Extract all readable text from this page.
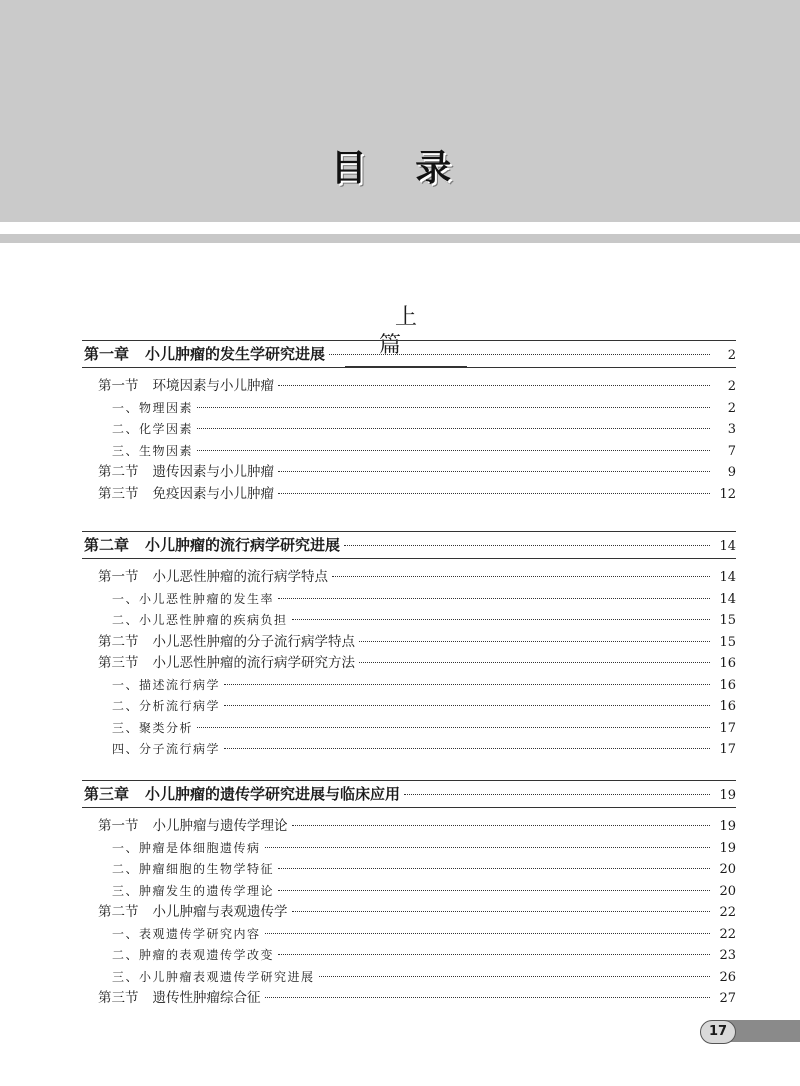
目 录
上 篇
第一章 小儿肿瘤的发生学研究进展	2
第一节 环境因素与小儿肿瘤	2
一、物理因素	2
二、化学因素	3
三、生物因素	7
第二节 遗传因素与小儿肿瘤	9
第三节 免疫因素与小儿肿瘤	12
第二章 小儿肿瘤的流行病学研究进展	14
第一节 小儿恶性肿瘤的流行病学特点	14
一、小儿恶性肿瘤的发生率	14
二、小儿恶性肿瘤的疾病负担	15
第二节 小儿恶性肿瘤的分子流行病学特点	15
第三节 小儿恶性肿瘤的流行病学研究方法	16
一、描述流行病学	16
二、分析流行病学	16
三、聚类分析	17
四、分子流行病学	17
第三章 小儿肿瘤的遗传学研究进展与临床应用	19
第一节 小儿肿瘤与遗传学理论	19
一、肿瘤是体细胞遗传病	19
二、肿瘤细胞的生物学特征	20
三、肿瘤发生的遗传学理论	20
第二节 小儿肿瘤与表观遗传学	22
一、表观遗传学研究内容	22
二、肿瘤的表观遗传学改变	23
三、小儿肿瘤表观遗传学研究进展	26
第三节 遗传性肿瘤综合征	27
17
